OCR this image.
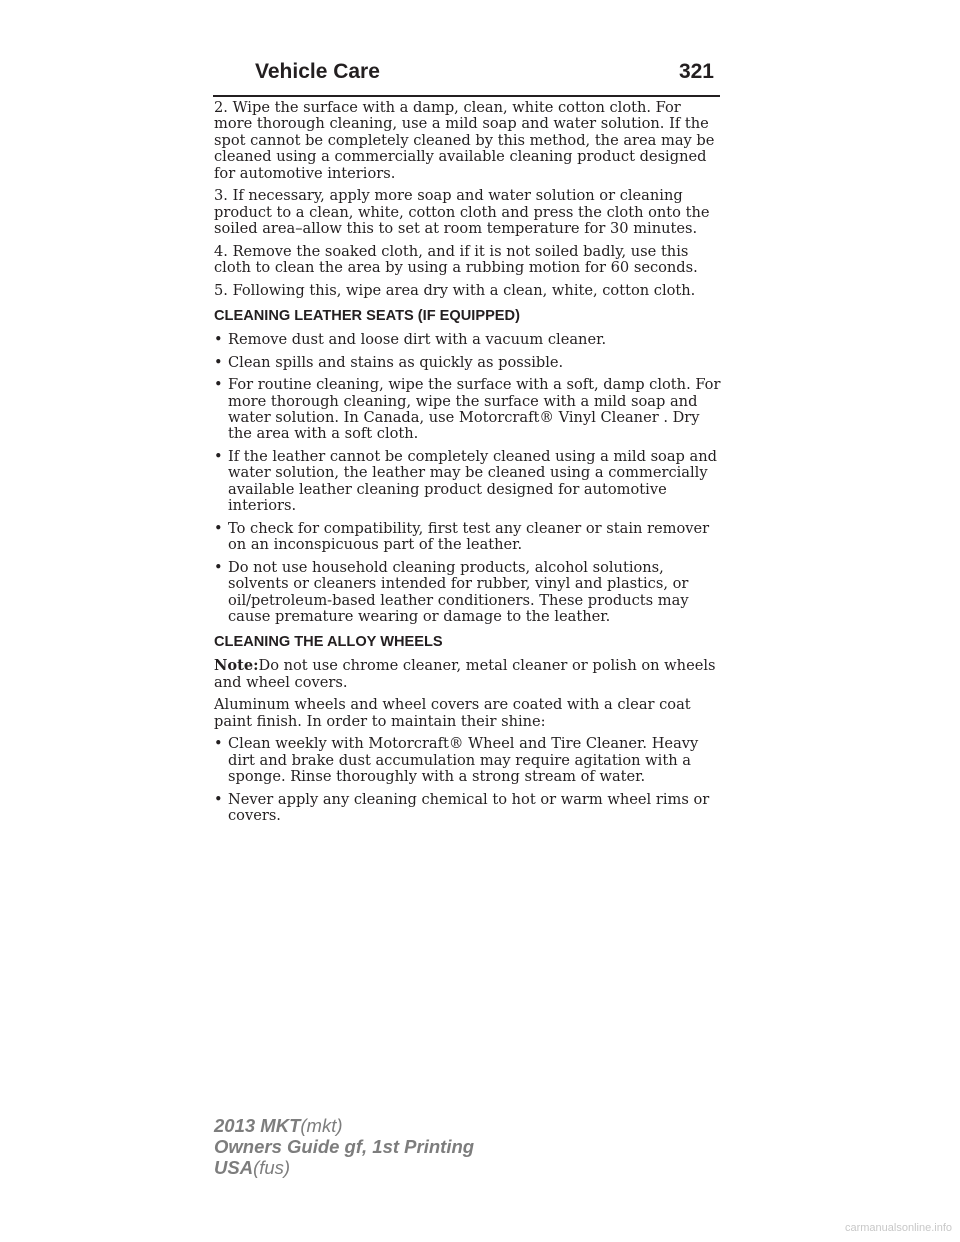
Vehicle Care	321

2. Wipe the surface with a damp, clean, white cotton cloth. For more thorough cleaning, use a mild soap and water solution. If the spot cannot be completely cleaned by this method, the area may be cleaned using a commercially available cleaning product designed for automotive interiors.

3. If necessary, apply more soap and water solution or cleaning product to a clean, white, cotton cloth and press the cloth onto the soiled area–allow this to set at room temperature for 30 minutes.

4. Remove the soaked cloth, and if it is not soiled badly, use this cloth to clean the area by using a rubbing motion for 60 seconds.

5. Following this, wipe area dry with a clean, white, cotton cloth.

CLEANING LEATHER SEATS (IF EQUIPPED)
• Remove dust and loose dirt with a vacuum cleaner.
• Clean spills and stains as quickly as possible.
• For routine cleaning, wipe the surface with a soft, damp cloth. For more thorough cleaning, wipe the surface with a mild soap and water solution. In Canada, use Motorcraft® Vinyl Cleaner . Dry the area with a soft cloth.
• If the leather cannot be completely cleaned using a mild soap and water solution, the leather may be cleaned using a commercially available leather cleaning product designed for automotive interiors.
• To check for compatibility, first test any cleaner or stain remover on an inconspicuous part of the leather.
• Do not use household cleaning products, alcohol solutions, solvents or cleaners intended for rubber, vinyl and plastics, or oil/petroleum-based leather conditioners. These products may cause premature wearing or damage to the leather.
CLEANING THE ALLOY WHEELS

Note:Do not use chrome cleaner, metal cleaner or polish on wheels and wheel covers.

Aluminum wheels and wheel covers are coated with a clear coat paint finish. In order to maintain their shine:

• Clean weekly with Motorcraft® Wheel and Tire Cleaner. Heavy dirt and brake dust accumulation may require agitation with a sponge. Rinse thoroughly with a strong stream of water.
• Never apply any cleaning chemical to hot or warm wheel rims or covers.
2013 MKT(mkt)
Owners Guide gf, 1st Printing
USA(fus)
carmanualsonline.info
